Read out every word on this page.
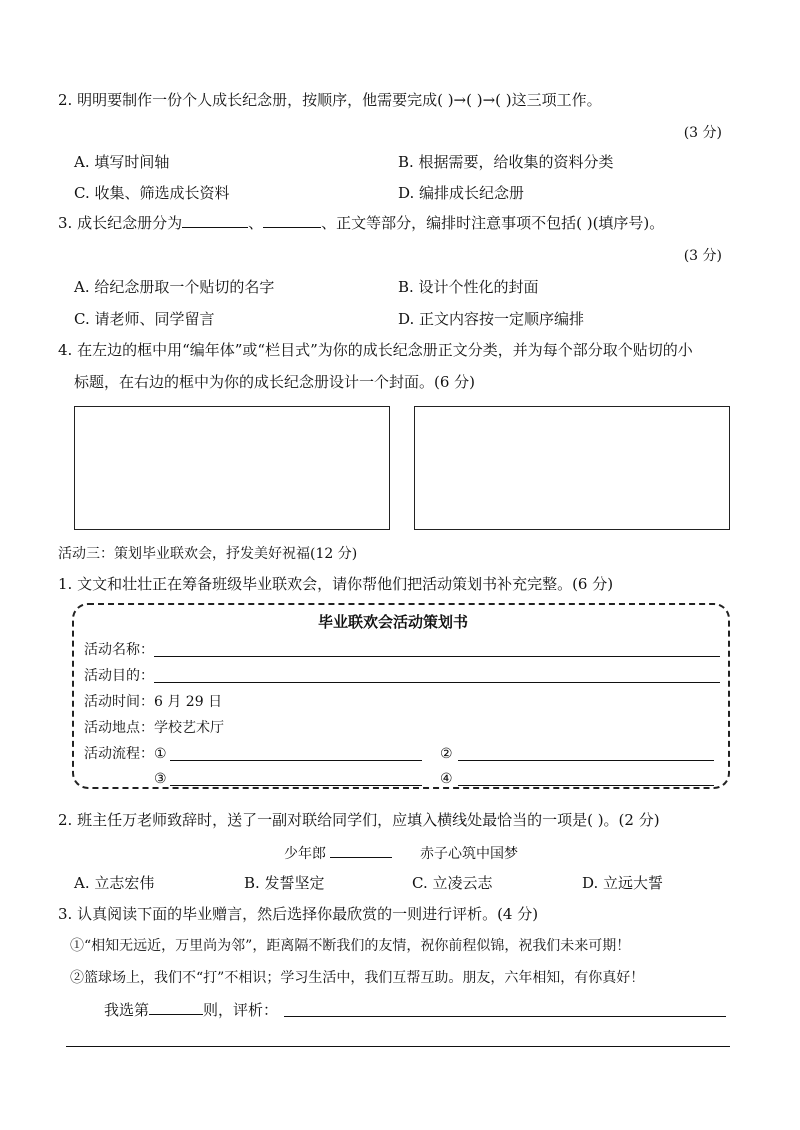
2. 明明要制作一份个人成长纪念册，按顺序，他需要完成( )→( )→( )这三项工作。
(3 分)
A. 填写时间轴	B. 根据需要，给收集的资料分类
C. 收集、筛选成长资料	D. 编排成长纪念册
3. 成长纪念册分为	、	、正文等部分，编排时注意事项不包括( )(填序号)。
(3 分)
A. 给纪念册取一个贴切的名字	B. 设计个性化的封面
C. 请老师、同学留言	D. 正文内容按一定顺序编排
4. 在左边的框中用“编年体”或“栏目式”为你的成长纪念册正文分类，并为每个部分取个贴切的小
标题，在右边的框中为你的成长纪念册设计一个封面。(6 分)
活动三：策划毕业联欢会，抒发美好祝福(12 分)
1. 文文和壮壮正在筹备班级毕业联欢会，请你帮他们把活动策划书补充完整。(6 分)
毕业联欢会活动策划书
活动名称：
活动目的：
活动时间：6 月 29 日
活动地点：学校艺术厅
活动流程： ①	②
③	④
2. 班主任万老师致辞时，送了一副对联给同学们，应填入横线处最恰当的一项是( )。(2 分)
少年郎	赤子心筑中国梦
A. 立志宏伟	B. 发誓坚定	C. 立凌云志	D. 立远大誓
3. 认真阅读下面的毕业赠言，然后选择你最欣赏的一则进行评析。(4 分)
①“相知无远近，万里尚为邻”，距离隔不断我们的友情，祝你前程似锦，祝我们未来可期！
②篮球场上，我们不“打”不相识；学习生活中，我们互帮互助。朋友，六年相知，有你真好！
我选第	则，评析：
